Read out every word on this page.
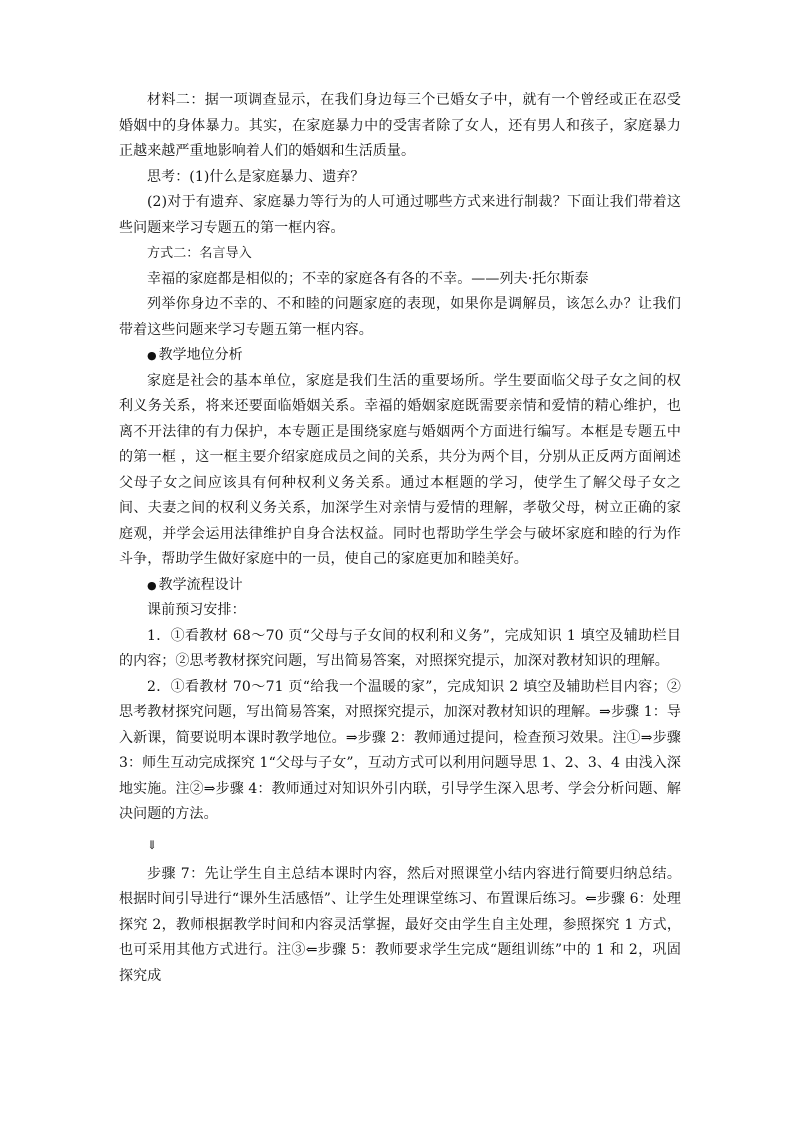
材料二：据一项调查显示，在我们身边每三个已婚女子中，就有一个曾经或正在忍受婚姻中的身体暴力。其实，在家庭暴力中的受害者除了女人，还有男人和孩子，家庭暴力正越来越严重地影响着人们的婚姻和生活质量。

思考：(1)什么是家庭暴力、遗弃？

(2)对于有遗弃、家庭暴力等行为的人可通过哪些方式来进行制裁？下面让我们带着这些问题来学习专题五的第一框内容。

方式二：名言导入

幸福的家庭都是相似的；不幸的家庭各有各的不幸。——列夫·托尔斯泰

列举你身边不幸的、不和睦的问题家庭的表现，如果你是调解员，该怎么办？让我们带着这些问题来学习专题五第一框内容。

● 教学地位分析

家庭是社会的基本单位，家庭是我们生活的重要场所。学生要面临父母子女之间的权利义务关系，将来还要面临婚姻关系。幸福的婚姻家庭既需要亲情和爱情的精心维护，也离不开法律的有力保护，本专题正是围绕家庭与婚姻两个方面进行编写。本框是专题五中的第一框 ，这一框主要介绍家庭成员之间的关系，共分为两个目，分别从正反两方面阐述父母子女之间应该具有何种权利义务关系。通过本框题的学习，使学生了解父母子女之间、夫妻之间的权利义务关系，加深学生对亲情与爱情的理解，孝敬父母，树立正确的家庭观，并学会运用法律维护自身合法权益。同时也帮助学生学会与破坏家庭和睦的行为作斗争，帮助学生做好家庭中的一员，使自己的家庭更加和睦美好。

● 教学流程设计

课前预习安排：

1．①看教材 68～70 页“父母与子女间的权利和义务”，完成知识 1 填空及辅助栏目的内容；②思考教材探究问题，写出简易答案，对照探究提示，加深对教材知识的理解。

2．①看教材 70～71 页“给我一个温暖的家”，完成知识 2 填空及辅助栏目内容；②思考教材探究问题，写出简易答案，对照探究提示，加深对教材知识的理解。⇒步骤 1：导入新课，简要说明本课时教学地位。⇒步骤 2：教师通过提问，检查预习效果。注①⇒步骤 3：师生互动完成探究 1“父母与子女”，互动方式可以利用问题导思 1、2、3、4 由浅入深地实施。注②⇒步骤 4：教师通过对知识外引内联，引导学生深入思考、学会分析问题、解决问题的方法。

⇓

步骤 7：先让学生自主总结本课时内容，然后对照课堂小结内容进行简要归纳总结。根据时间引导进行“课外生活感悟”、让学生处理课堂练习、布置课后练习。⇐步骤 6：处理探究 2，教师根据教学时间和内容灵活掌握，最好交由学生自主处理，参照探究 1 方式，也可采用其他方式进行。注③⇐步骤 5：教师要求学生完成“题组训练”中的 1 和 2，巩固探究成
